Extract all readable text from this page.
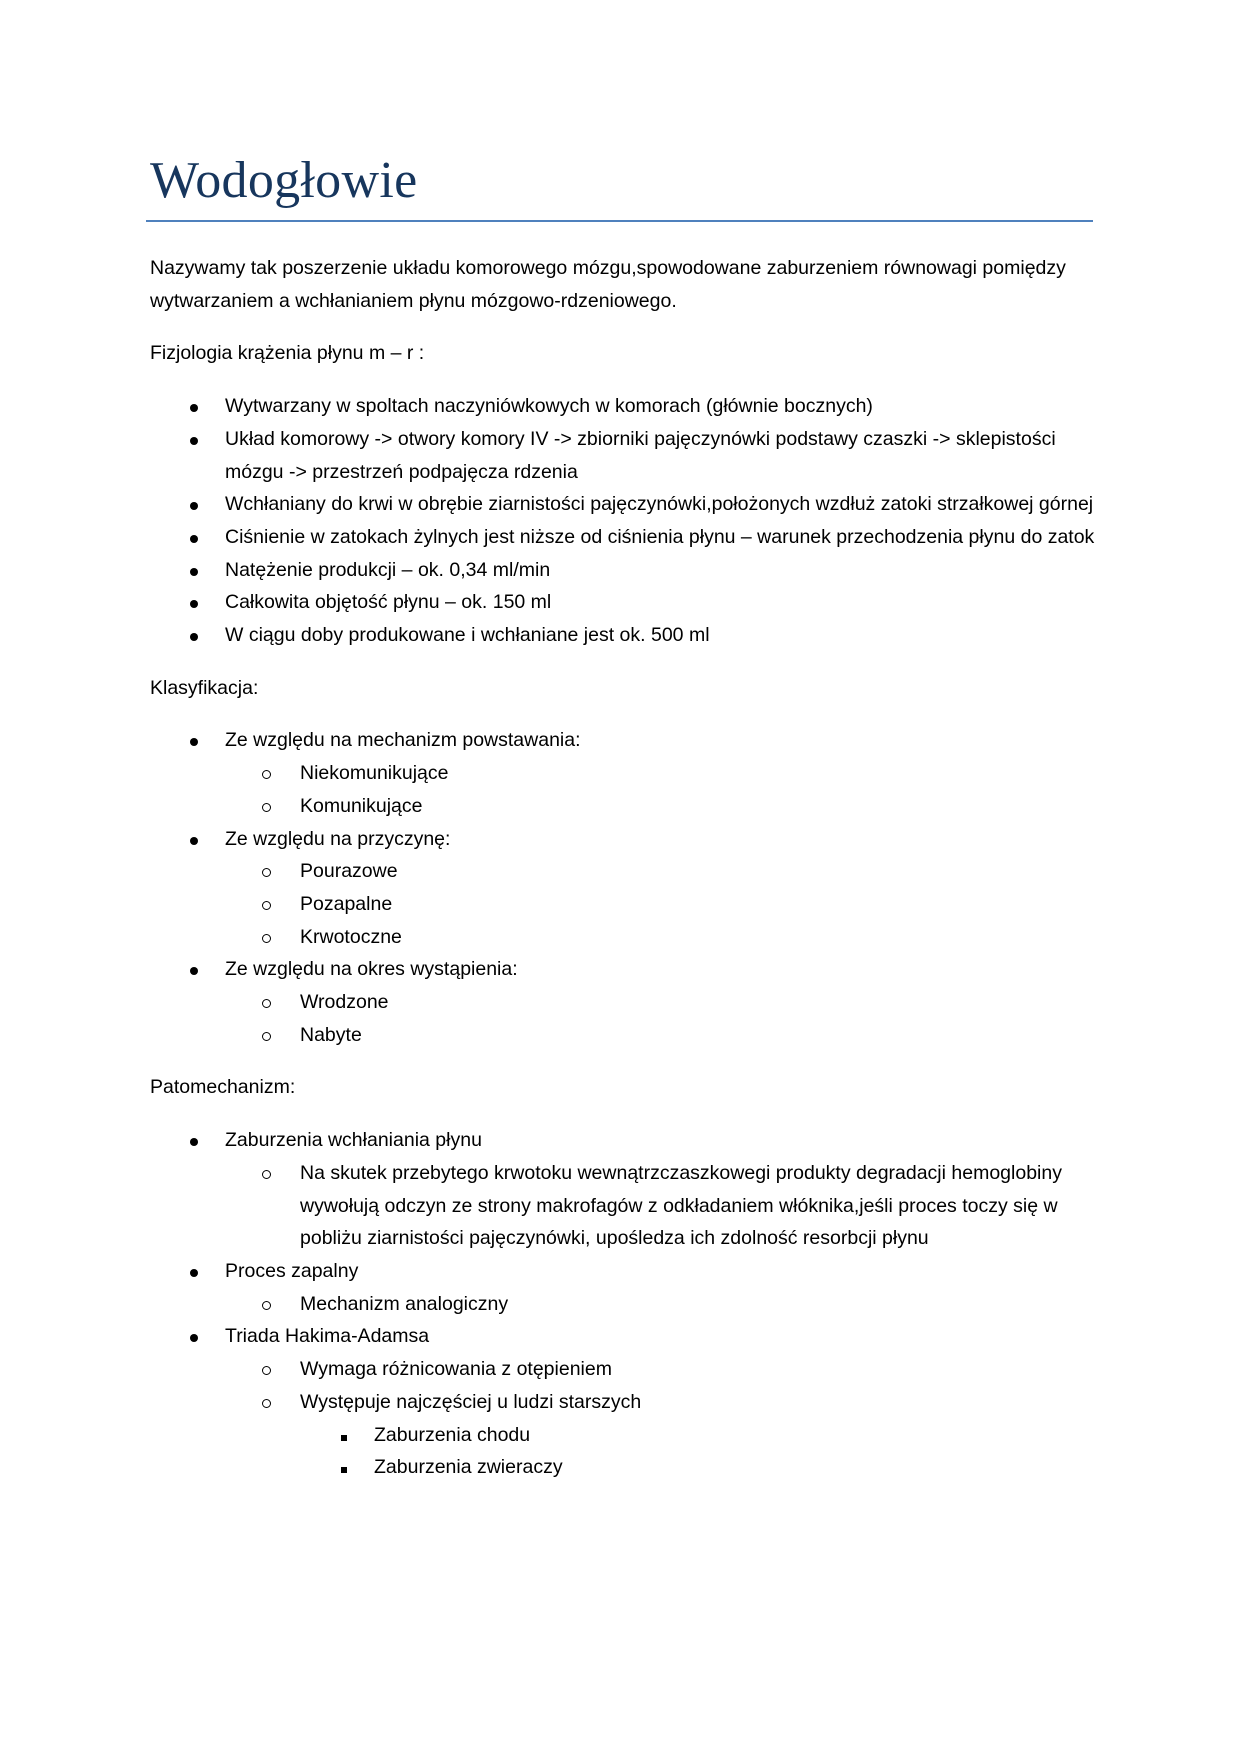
Wodogłowie

Nazywamy tak poszerzenie układu komorowego mózgu,spowodowane zaburzeniem równowagi pomiędzy wytwarzaniem a wchłanianiem płynu mózgowo-rdzeniowego.

Fizjologia krążenia płynu m – r :

Wytwarzany w spoltach naczyniówkowych w komorach (głównie bocznych)
Układ komorowy -> otwory komory IV -> zbiorniki pajęczynówki podstawy czaszki -> sklepistości mózgu -> przestrzeń podpajęcza rdzenia
Wchłaniany do krwi w obrębie ziarnistości pajęczynówki,położonych wzdłuż zatoki strzałkowej górnej
Ciśnienie w zatokach żylnych jest niższe od ciśnienia płynu – warunek przechodzenia płynu do zatok
Natężenie produkcji – ok. 0,34 ml/min
Całkowita objętość płynu – ok. 150 ml
W ciągu doby produkowane i wchłaniane jest ok. 500 ml

Klasyfikacja:

Ze względu na mechanizm powstawania:
Niekomunikujące
Komunikujące
Ze względu na przyczynę:
Pourazowe
Pozapalne
Krwotoczne
Ze względu na okres wystąpienia:
Wrodzone
Nabyte

Patomechanizm:

Zaburzenia wchłaniania płynu
Na skutek przebytego krwotoku wewnątrzczaszkowegi produkty degradacji hemoglobiny wywołują odczyn ze strony makrofagów z odkładaniem włóknika,jeśli proces toczy się w pobliżu ziarnistości pajęczynówki, upośledza ich zdolność resorbcji płynu
Proces zapalny
Mechanizm analogiczny
Triada Hakima-Adamsa
Wymaga różnicowania z otępieniem
Występuje najczęściej u ludzi starszych
Zaburzenia chodu
Zaburzenia zwieraczy
